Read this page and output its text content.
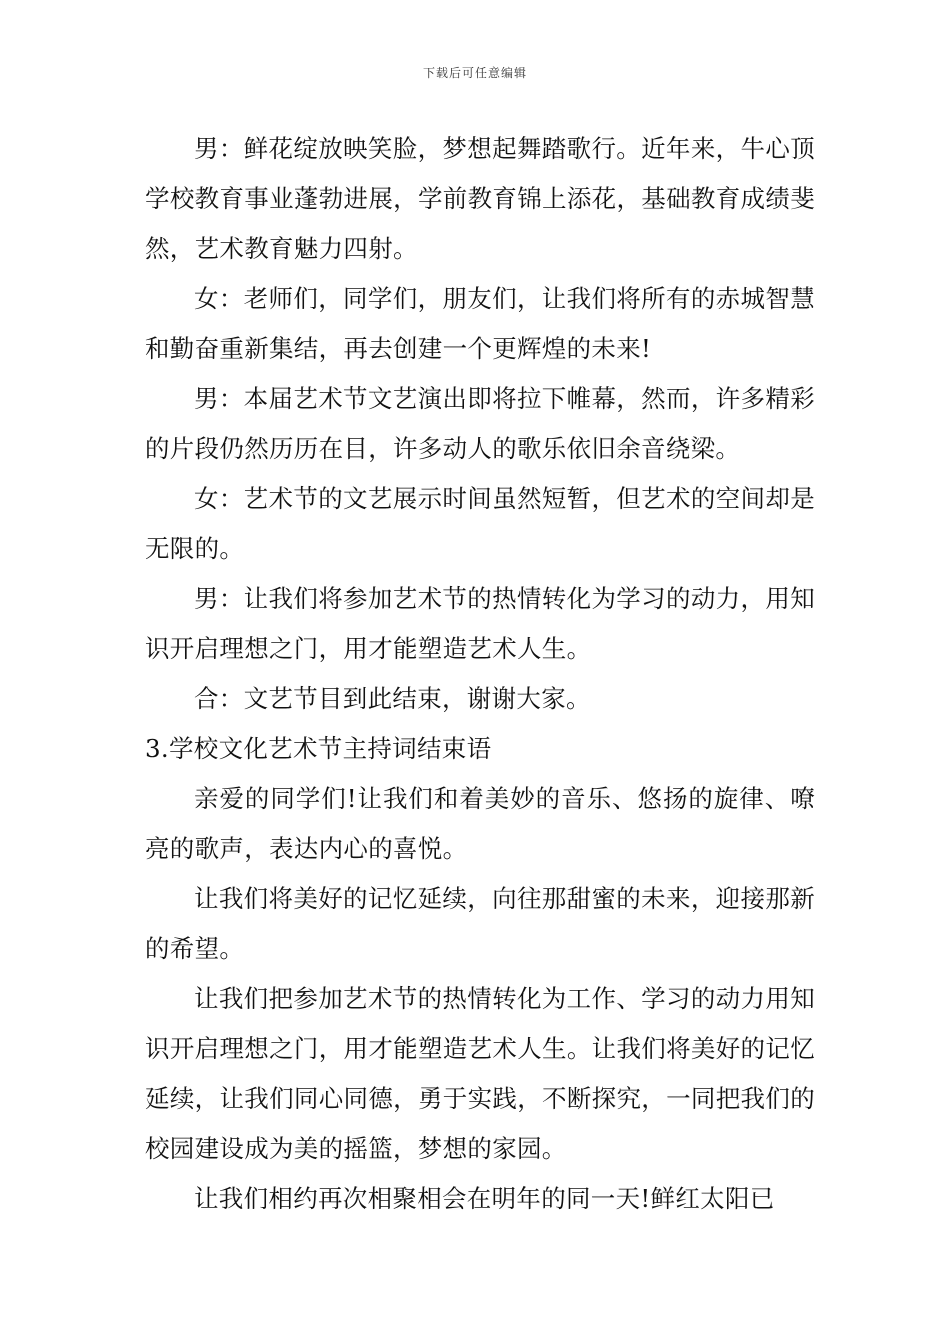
下载后可任意编辑

男：鲜花绽放映笑脸，梦想起舞踏歌行。近年来，牛心顶学校教育事业蓬勃进展，学前教育锦上添花，基础教育成绩斐然，艺术教育魅力四射。

女：老师们，同学们，朋友们，让我们将所有的赤城智慧和勤奋重新集结，再去创建一个更辉煌的未来!

男：本届艺术节文艺演出即将拉下帷幕，然而，许多精彩的片段仍然历历在目，许多动人的歌乐依旧余音绕梁。

女：艺术节的文艺展示时间虽然短暂，但艺术的空间却是无限的。

男：让我们将参加艺术节的热情转化为学习的动力，用知识开启理想之门，用才能塑造艺术人生。

合：文艺节目到此结束，谢谢大家。

3.学校文化艺术节主持词结束语

亲爱的同学们!让我们和着美妙的音乐、悠扬的旋律、嘹亮的歌声，表达内心的喜悦。

让我们将美好的记忆延续，向往那甜蜜的未来，迎接那新的希望。

让我们把参加艺术节的热情转化为工作、学习的动力用知识开启理想之门，用才能塑造艺术人生。让我们将美好的记忆延续，让我们同心同德，勇于实践，不断探究，一同把我们的校园建设成为美的摇篮，梦想的家园。

让我们相约再次相聚相会在明年的同一天!鲜红太阳已
